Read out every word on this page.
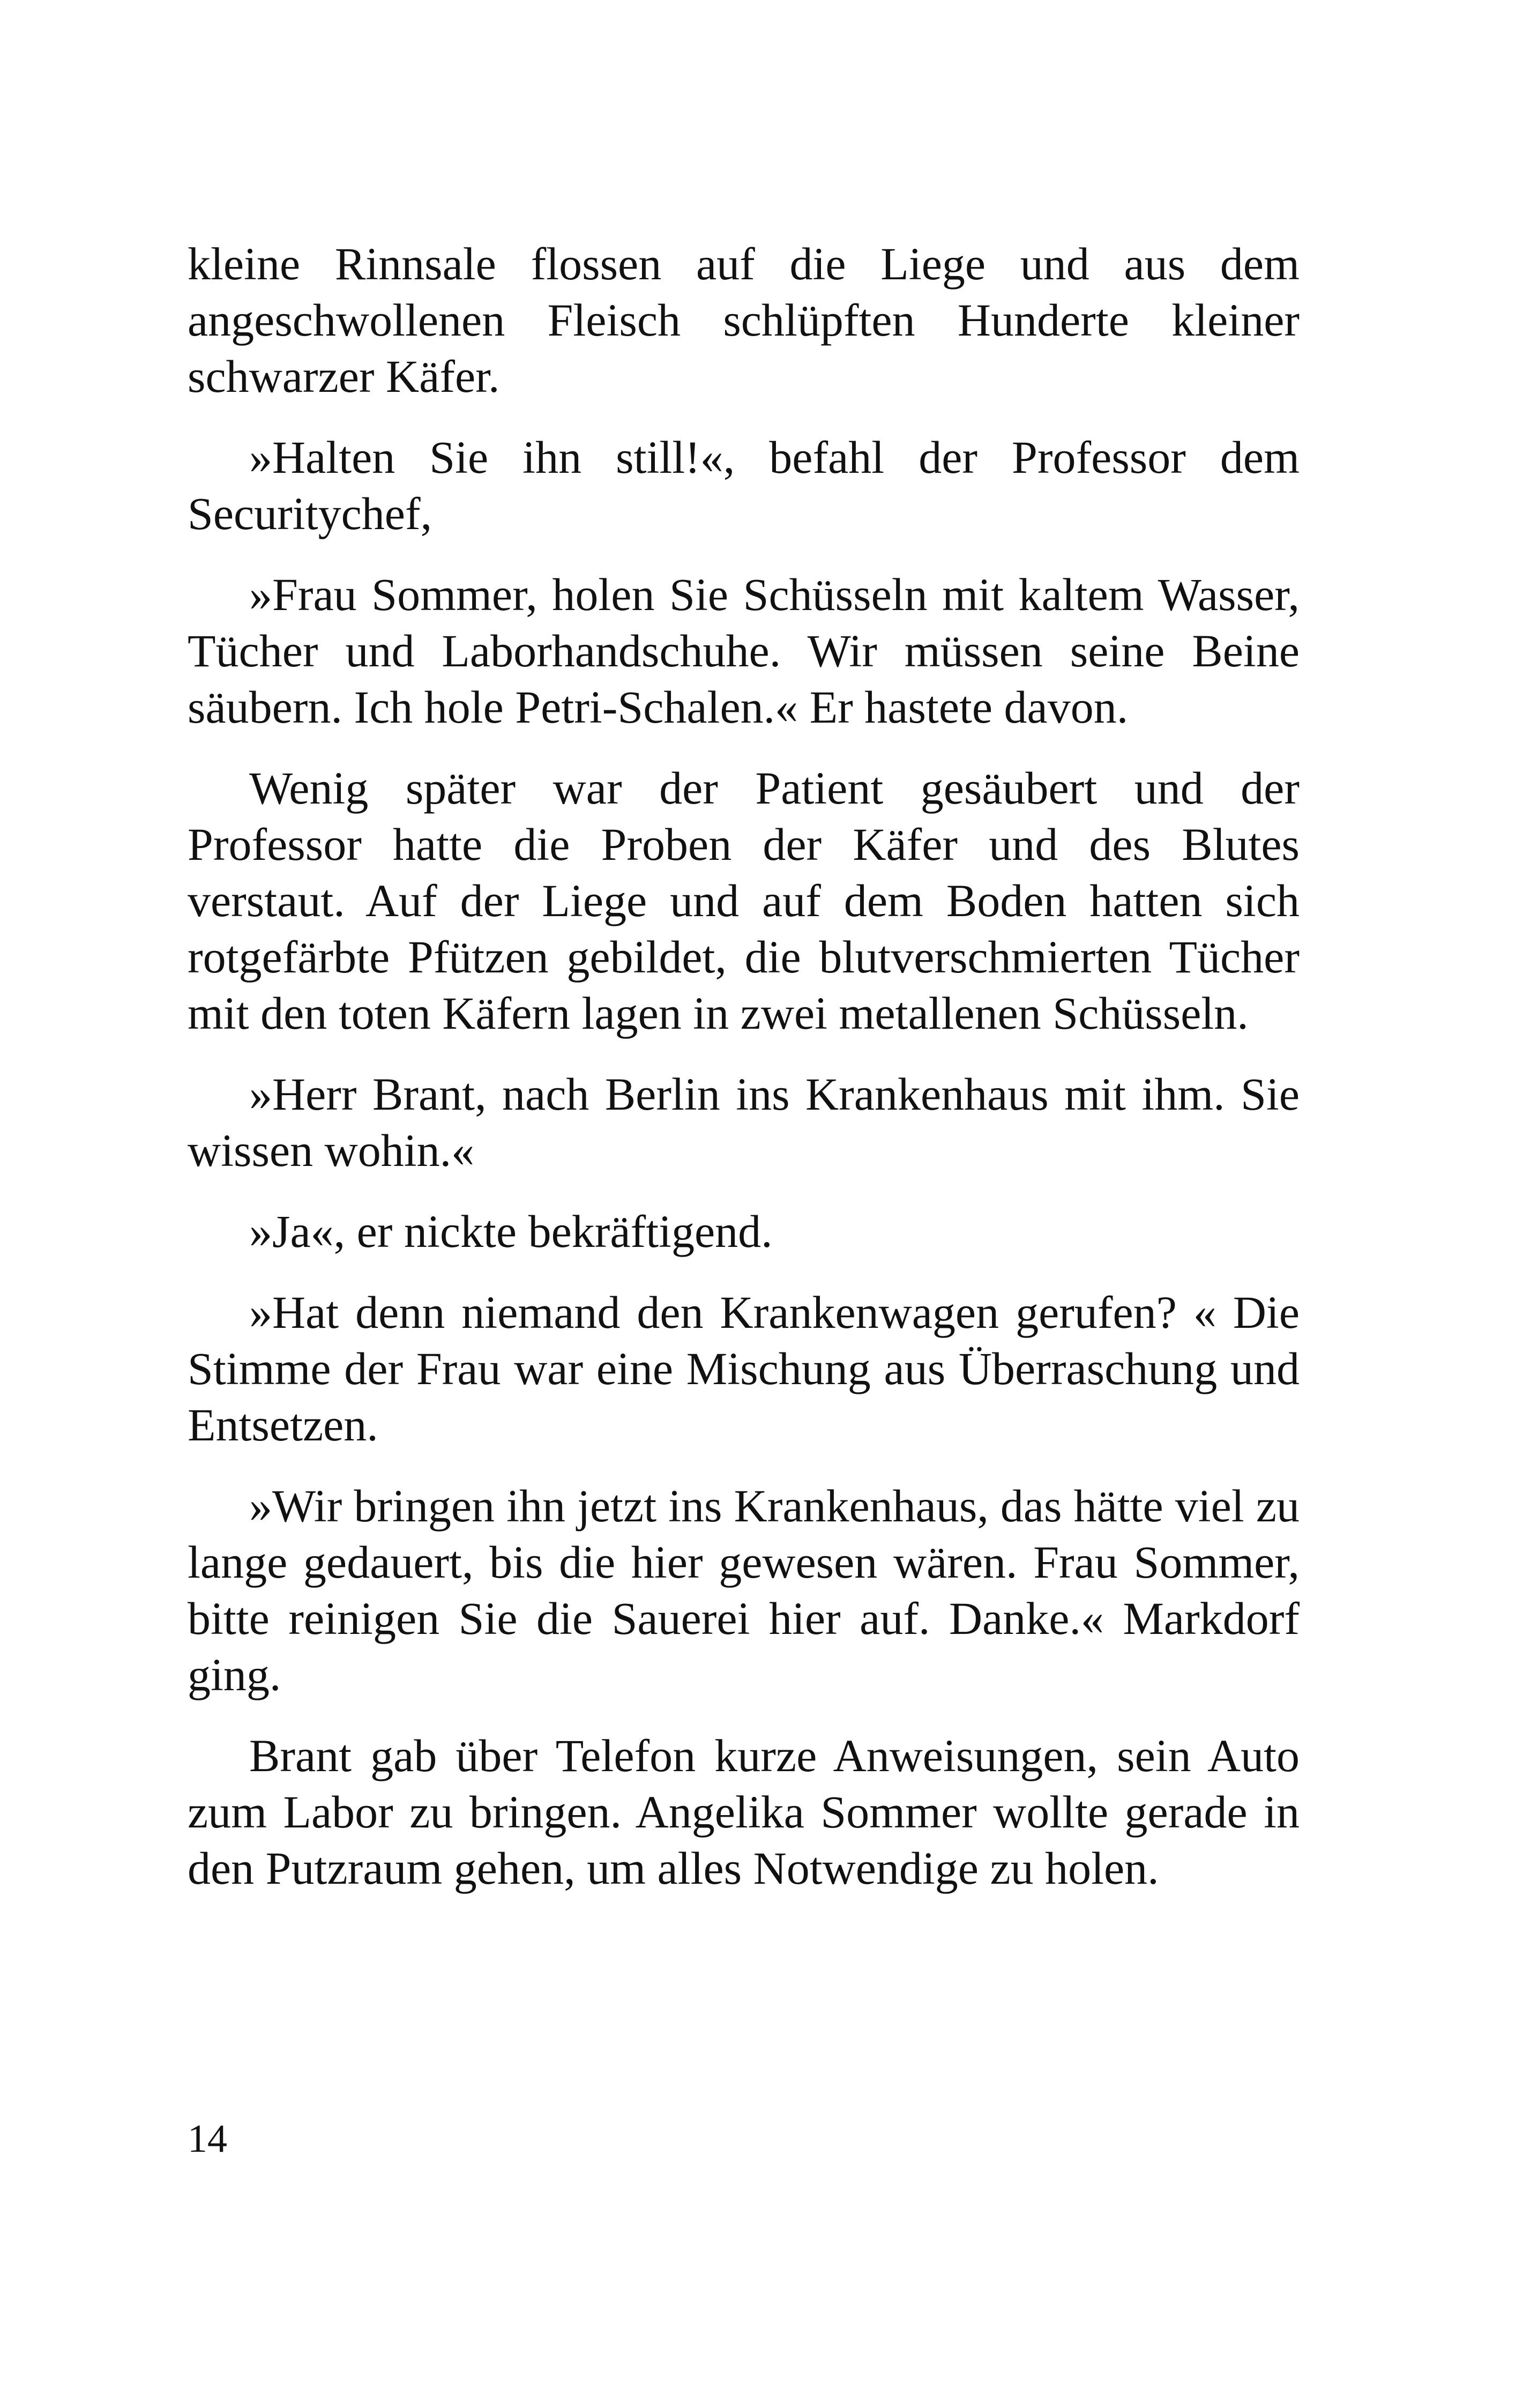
kleine Rinnsale flossen auf die Liege und aus dem angeschwollenen Fleisch schlüpften Hunderte kleiner schwarzer Käfer.

»Halten Sie ihn still!«, befahl der Professor dem Securitychef,

»Frau Sommer, holen Sie Schüsseln mit kaltem Wasser, Tücher und Laborhandschuhe. Wir müssen seine Beine säubern. Ich hole Petri-Schalen.« Er hastete davon.

Wenig später war der Patient gesäubert und der Professor hatte die Proben der Käfer und des Blutes verstaut. Auf der Liege und auf dem Boden hatten sich rotgefärbte Pfützen gebildet, die blutverschmierten Tücher mit den toten Käfern lagen in zwei metallenen Schüsseln.

»Herr Brant, nach Berlin ins Krankenhaus mit ihm. Sie wissen wohin.«

»Ja«, er nickte bekräftigend.

»Hat denn niemand den Krankenwagen gerufen? « Die Stimme der Frau war eine Mischung aus Überraschung und Entsetzen.

»Wir bringen ihn jetzt ins Krankenhaus, das hätte viel zu lange gedauert, bis die hier gewesen wären. Frau Sommer, bitte reinigen Sie die Sauerei hier auf. Danke.« Markdorf ging.

Brant gab über Telefon kurze Anweisungen, sein Auto zum Labor zu bringen. Angelika Sommer wollte gerade in den Putzraum gehen, um alles Notwendige zu holen.

14
